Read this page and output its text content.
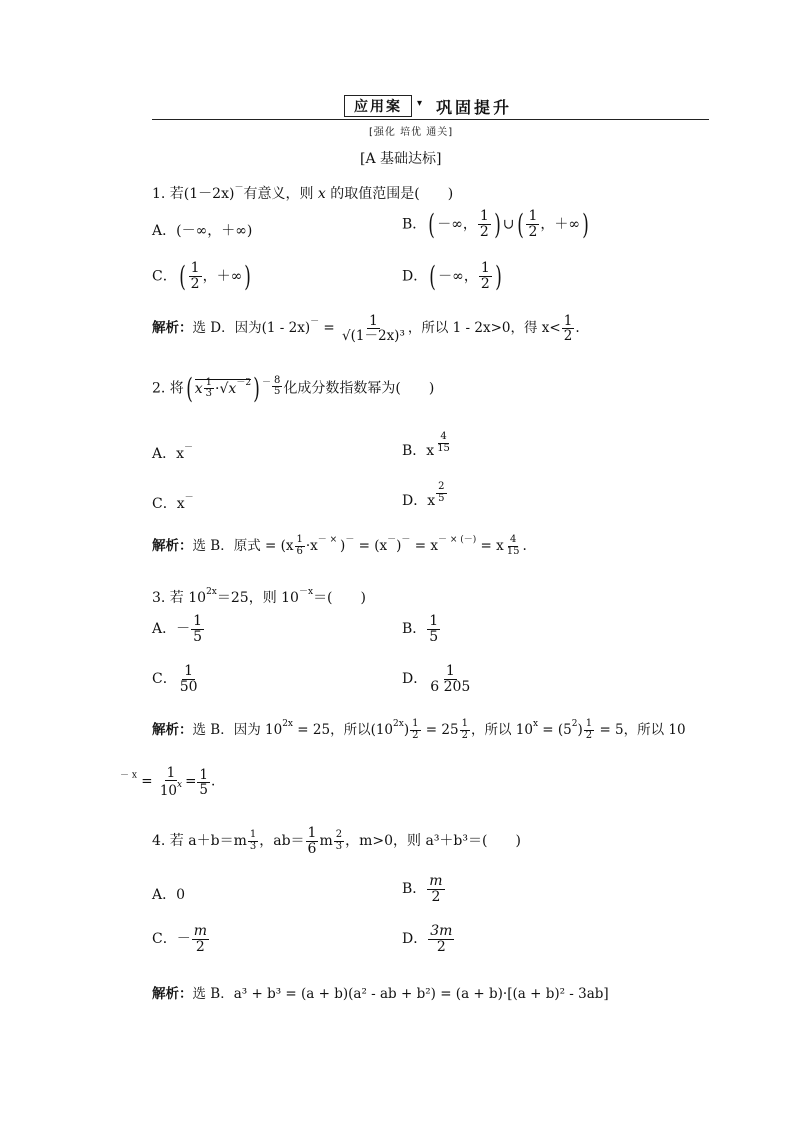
应用案	▾ 巩固提升
[强化 培优 通关]
[A 基础达标]
1. 若(1－2x)－有意义，则 x 的取值范围是(　　)
A．(－∞，＋∞)	B．( －∞， $\frac{1}{2}$ ) ∪( $\frac{1}{2}$ ，＋∞)
C．( $\frac{1}{2}$ ，＋∞)	D．( －∞， $\frac{1}{2}$ )
解析：选 D．因为$(1 - 2x)^- = \frac{1}{\text{√(1－2x)³}}$ ，所以 1 - 2x>0，得 $x< \frac{1}{2}$ .
2. 将( x $\frac{1}{3} \cdot√x^{-2}$) $^- \frac{8}{5}$ 化成分数指数幂为(　　)
A．x－	B．x $\frac{4}{15}$
C．x－	D．x $\frac{2}{5}$
解析：选 B．原式 = ($x \frac{1}{6} \cdot x^{- \times}$ )－ = (x－)－ = x－ × (－) = x $\frac{4}{15}$ .
3. 若 $10^{2x}=25$，则 $10^{-x}=$(　　)
A．－ $\frac{1}{5}$	B． $\frac{1}{5}$
C． $\frac{1}{50}$	D． $\frac{1}{6 205}$
解析：选 B．因为 $10^{2x} = 25$，所以$(10^{2x}) \frac{1}{2} = 25 \frac{1}{2}$ ，所以 $10^x = (5^2) \frac{1}{2} = 5$，所以 10
$^{- x} = \frac{1}{10^x} = \frac{1}{5}$ .
4. 若 $a+b=m \frac{1}{3}$ ，$ab= \frac{1}{6}$ m $\frac{2}{3}$ ，m>0，则 a³＋b³＝(　　)
A．0	B． $\frac{m}{2}$
C．－ $\frac{m}{2}$	D． $\frac{3m}{2}$
解析：选 B．a³ + b³ = (a + b)(a² - ab + b²) = (a + b)·[(a + b)² - 3ab]
